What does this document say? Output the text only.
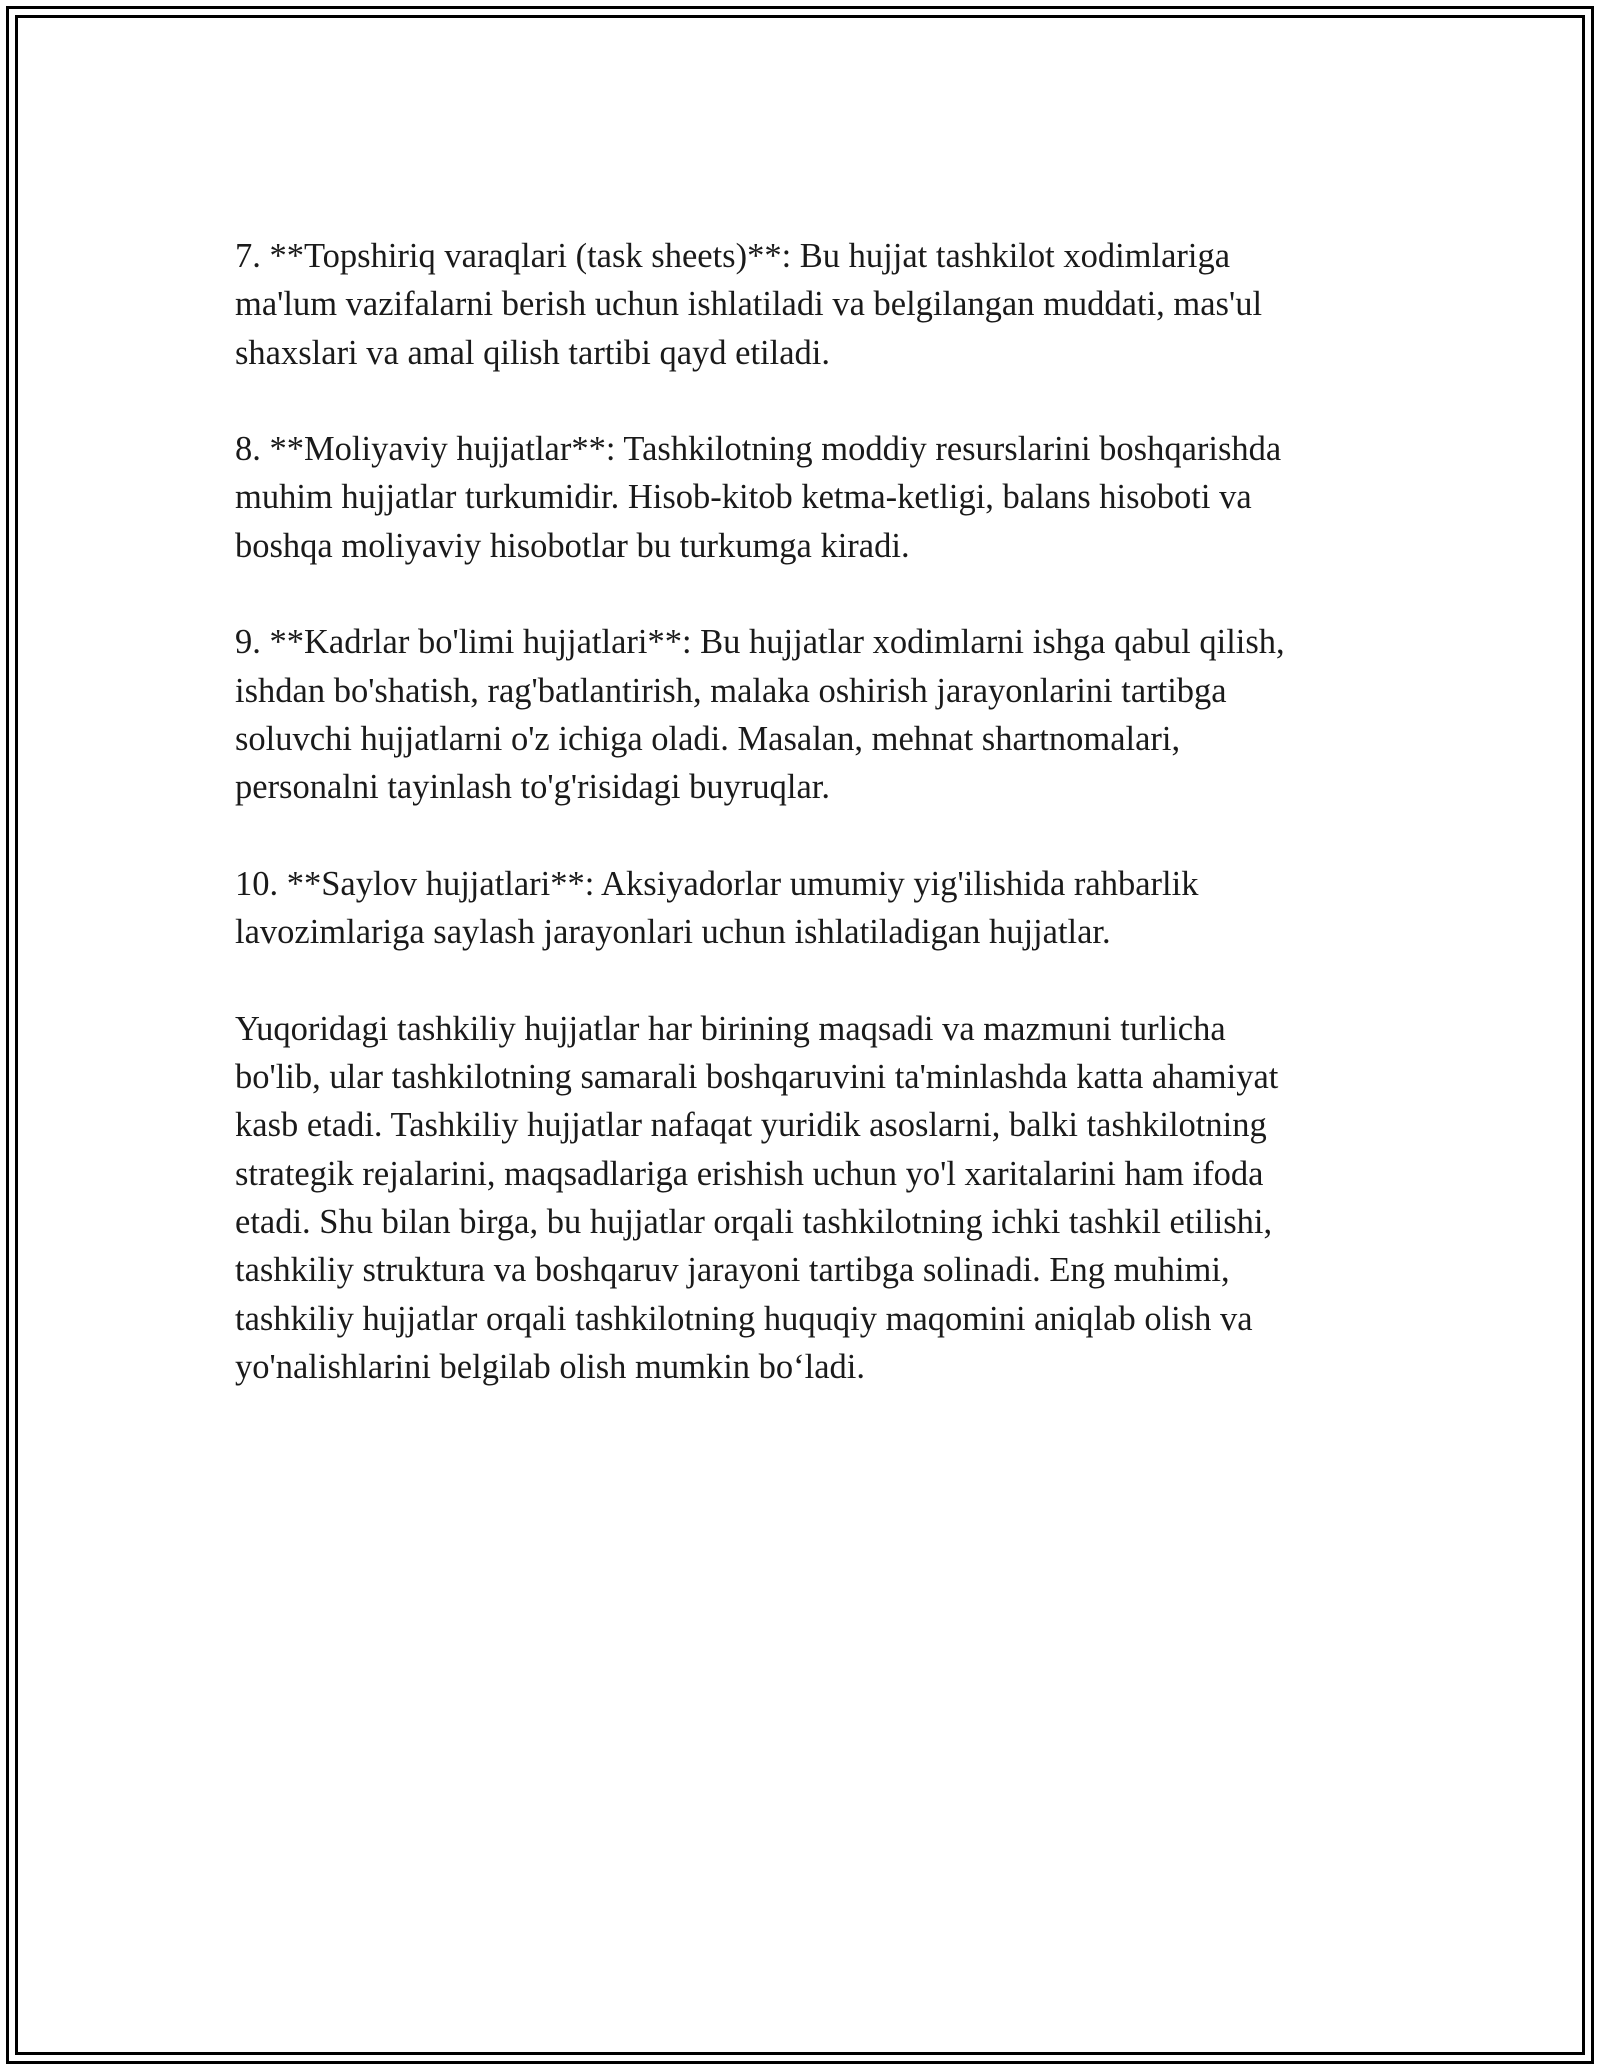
7. **Topshiriq varaqlari (task sheets)**: Bu hujjat tashkilot xodimlariga
ma'lum vazifalarni berish uchun ishlatiladi va belgilangan muddati, mas'ul
shaxslari va amal qilish tartibi qayd etiladi.

8. **Moliyaviy hujjatlar**: Tashkilotning moddiy resurslarini boshqarishda
muhim hujjatlar turkumidir. Hisob-kitob ketma-ketligi, balans hisoboti va
boshqa moliyaviy hisobotlar bu turkumga kiradi.

9. **Kadrlar bo'limi hujjatlari**: Bu hujjatlar xodimlarni ishga qabul qilish,
ishdan bo'shatish, rag'batlantirish, malaka oshirish jarayonlarini tartibga
soluvchi hujjatlarni o'z ichiga oladi. Masalan, mehnat shartnomalari,
personalni tayinlash to'g'risidagi buyruqlar.

10. **Saylov hujjatlari**: Aksiyadorlar umumiy yig'ilishida rahbarlik
lavozimlariga saylash jarayonlari uchun ishlatiladigan hujjatlar.

Yuqoridagi tashkiliy hujjatlar har birining maqsadi va mazmuni turlicha
bo'lib, ular tashkilotning samarali boshqaruvini ta'minlashda katta ahamiyat
kasb etadi. Tashkiliy hujjatlar nafaqat yuridik asoslarni, balki tashkilotning
strategik rejalarini, maqsadlariga erishish uchun yo'l xaritalarini ham ifoda
etadi. Shu bilan birga, bu hujjatlar orqali tashkilotning ichki tashkil etilishi,
tashkiliy struktura va boshqaruv jarayoni tartibga solinadi. Eng muhimi,
tashkiliy hujjatlar orqali tashkilotning huquqiy maqomini aniqlab olish va
yo'nalishlarini belgilab olish mumkin bo‘ladi.
